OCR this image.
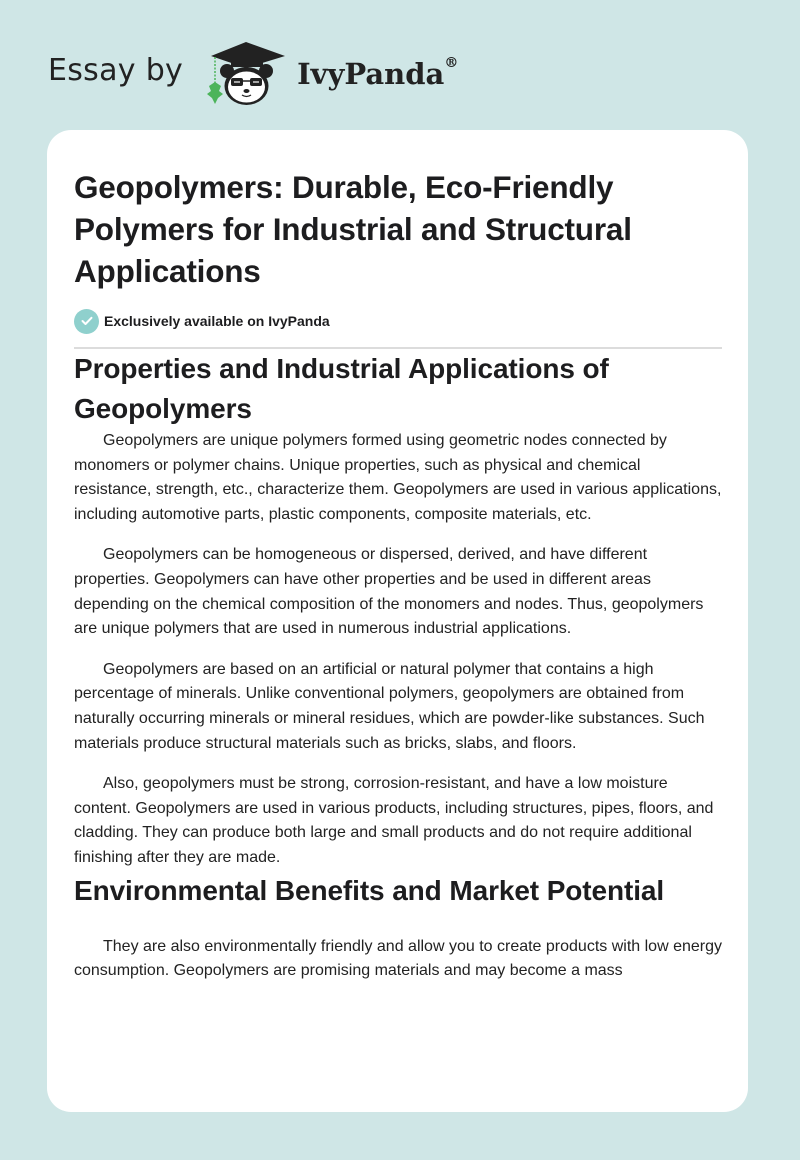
Essay by	IvyPanda®
Geopolymers: Durable, Eco-Friendly Polymers for Industrial and Structural Applications
Exclusively available on IvyPanda
Properties and Industrial Applications of Geopolymers

Geopolymers are unique polymers formed using geometric nodes connected by monomers or polymer chains. Unique properties, such as physical and chemical resistance, strength, etc., characterize them. Geopolymers are used in various applications, including automotive parts, plastic components, composite materials, etc.

Geopolymers can be homogeneous or dispersed, derived, and have different properties. Geopolymers can have other properties and be used in different areas depending on the chemical composition of the monomers and nodes. Thus, geopolymers are unique polymers that are used in numerous industrial applications.

Geopolymers are based on an artificial or natural polymer that contains a high percentage of minerals. Unlike conventional polymers, geopolymers are obtained from naturally occurring minerals or mineral residues, which are powder-like substances. Such materials produce structural materials such as bricks, slabs, and floors.

Also, geopolymers must be strong, corrosion-resistant, and have a low moisture content. Geopolymers are used in various products, including structures, pipes, floors, and cladding. They can produce both large and small products and do not require additional finishing after they are made.

Environmental Benefits and Market Potential

They are also environmentally friendly and allow you to create products with low energy consumption. Geopolymers are promising materials and may become a mass
